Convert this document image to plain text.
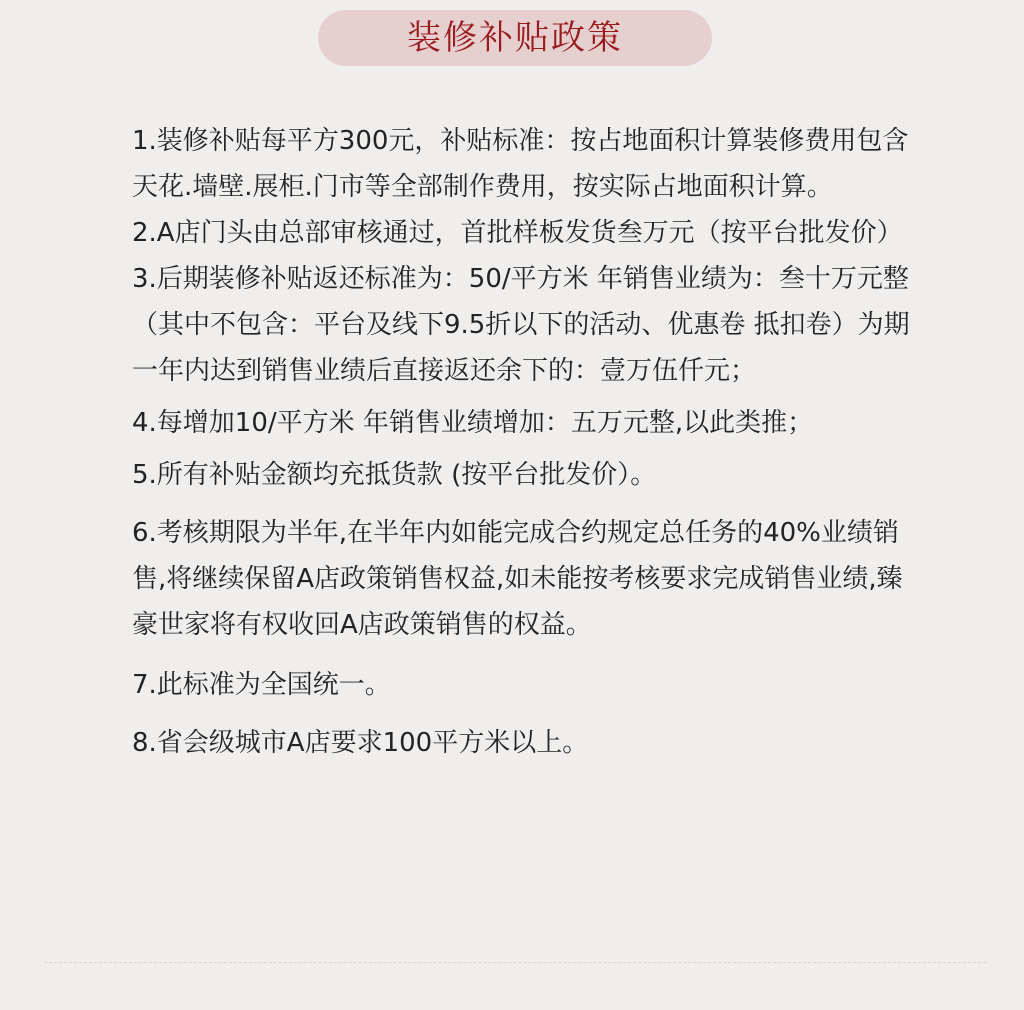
装修补贴政策

1.装修补贴每平方300元，补贴标准：按占地面积计算装修费用包含天花.墙壁.展柜.门市等全部制作费用，按实际占地面积计算。

2.A店门头由总部审核通过，首批样板发货叁万元（按平台批发价）

3.后期装修补贴返还标准为：50/平方米 年销售业绩为：叁十万元整（其中不包含：平台及线下9.5折以下的活动、优惠卷 抵扣卷）为期一年内达到销售业绩后直接返还余下的：壹万伍仟元；

4.每增加10/平方米 年销售业绩增加：五万元整,以此类推；

5.所有补贴金额均充抵货款 (按平台批发价）。

6.考核期限为半年,在半年内如能完成合约规定总任务的40%业绩销售,将继续保留A店政策销售权益,如未能按考核要求完成销售业绩,臻豪世家将有权收回A店政策销售的权益。

7.此标准为全国统一。

8.省会级城市A店要求100平方米以上。
